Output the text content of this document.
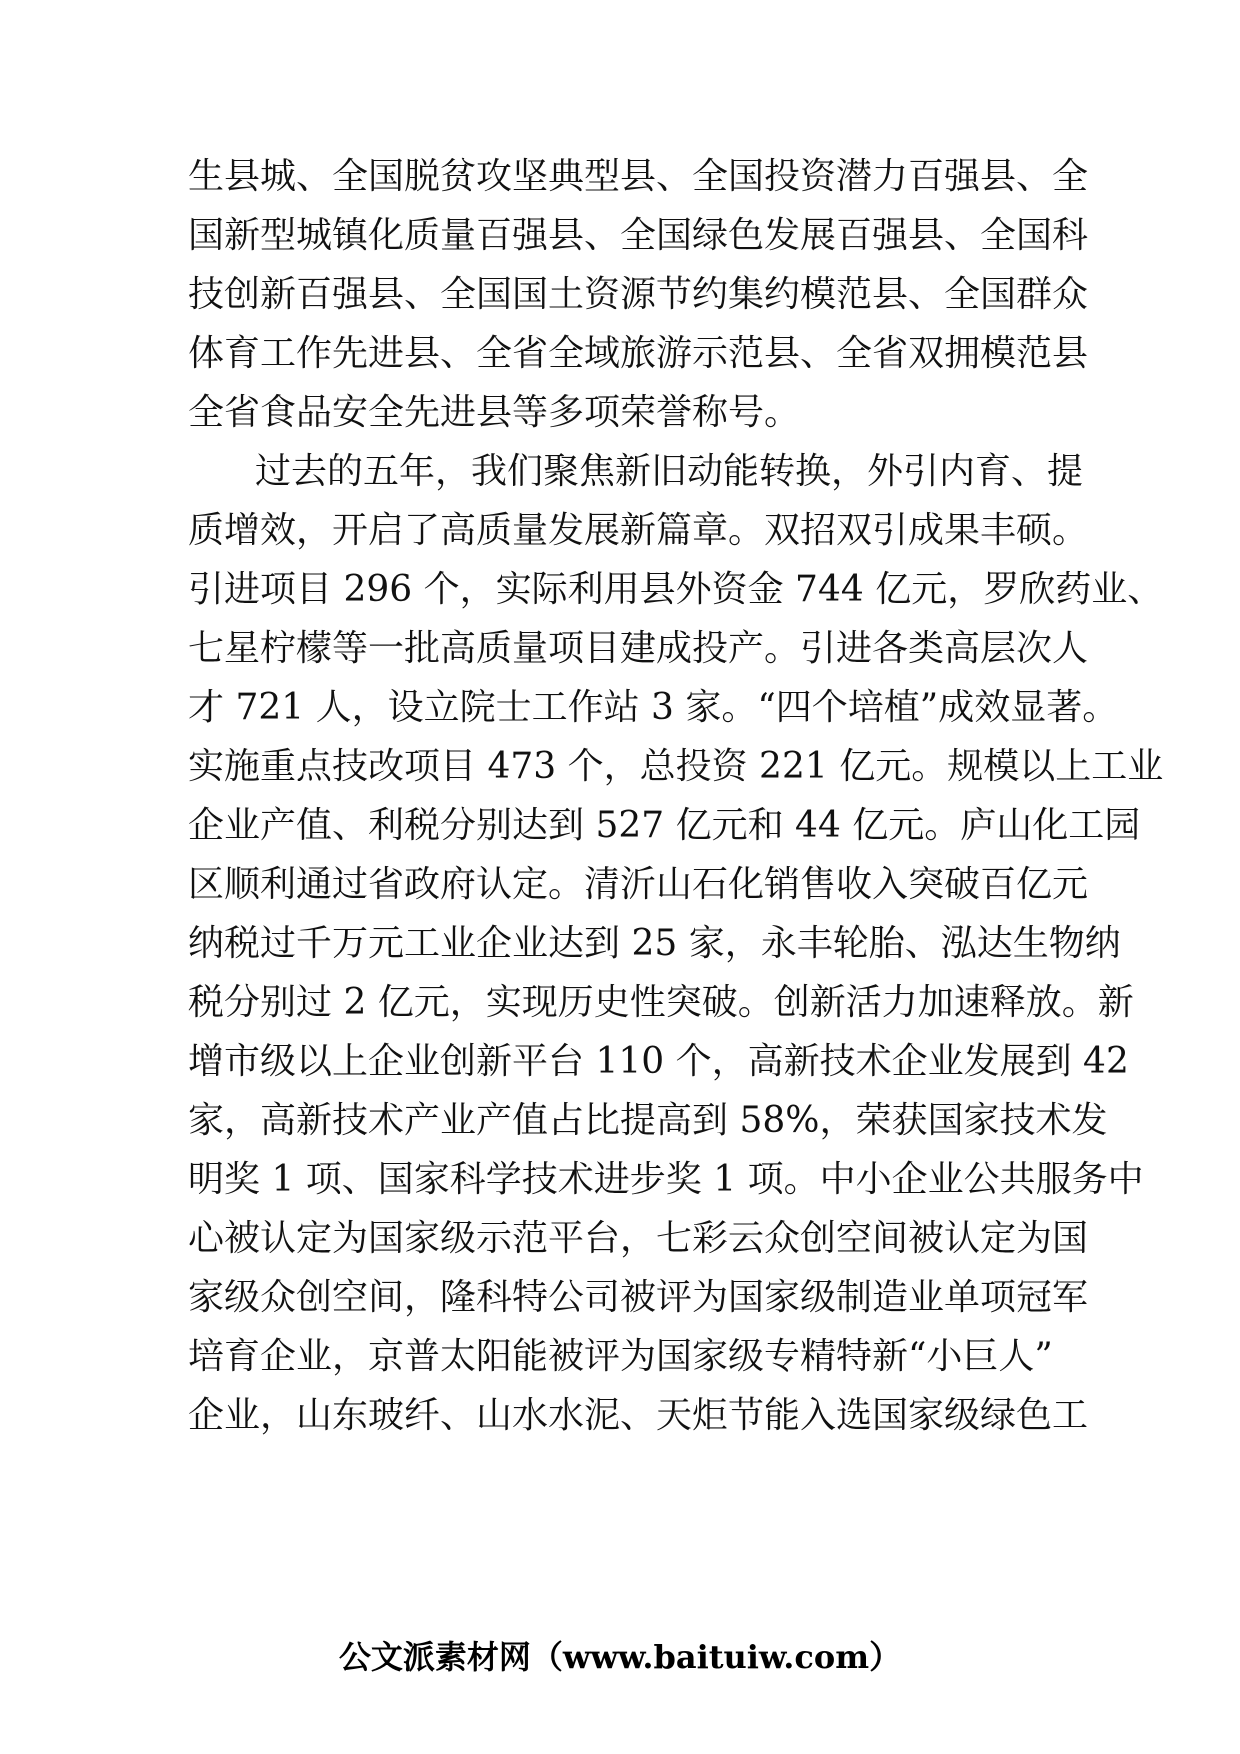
生县城、全国脱贫攻坚典型县、全国投资潜力百强县、全
国新型城镇化质量百强县、全国绿色发展百强县、全国科
技创新百强县、全国国土资源节约集约模范县、全国群众
体育工作先进县、全省全域旅游示范县、全省双拥模范县
全省食品安全先进县等多项荣誉称号。
过去的五年，我们聚焦新旧动能转换，外引内育、提
质增效，开启了高质量发展新篇章。双招双引成果丰硕。
引进项目 296 个，实际利用县外资金 744 亿元，罗欣药业、
七星柠檬等一批高质量项目建成投产。引进各类高层次人
才 721 人，设立院士工作站 3 家。“四个培植”成效显著。
实施重点技改项目 473 个，总投资 221 亿元。规模以上工业
企业产值、利税分别达到 527 亿元和 44 亿元。庐山化工园
区顺利通过省政府认定。清沂山石化销售收入突破百亿元
纳税过千万元工业企业达到 25 家，永丰轮胎、泓达生物纳
税分别过 2 亿元，实现历史性突破。创新活力加速释放。新
增市级以上企业创新平台 110 个，高新技术企业发展到 42
家，高新技术产业产值占比提高到 58%，荣获国家技术发
明奖 1 项、国家科学技术进步奖 1 项。中小企业公共服务中
心被认定为国家级示范平台，七彩云众创空间被认定为国
家级众创空间，隆科特公司被评为国家级制造业单项冠军
培育企业，京普太阳能被评为国家级专精特新“小巨人”
企业，山东玻纤、山水水泥、天炬节能入选国家级绿色工
公文派素材网（www.baituiw.com）
